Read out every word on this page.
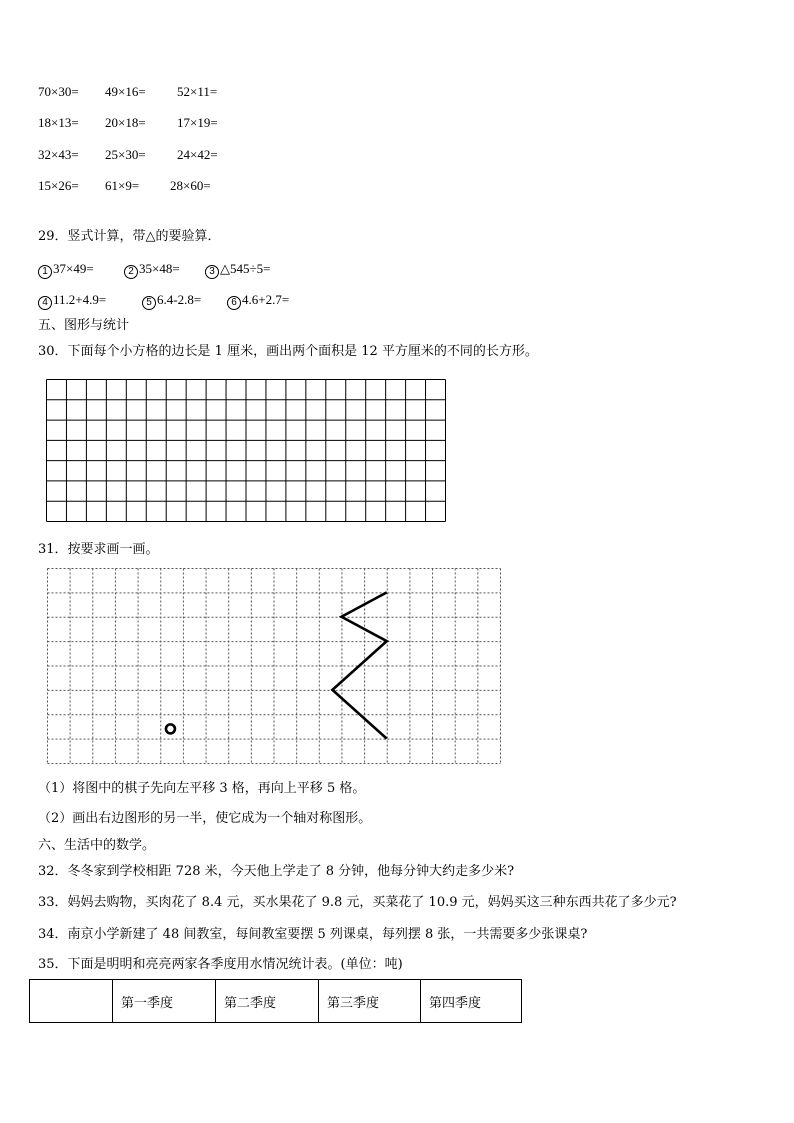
70×30= 49×16= 52×11=
18×13= 20×18= 17×19=
32×43= 25×30= 24×42=
15×26= 61×9= 28×60=
29．竖式计算，带△的要验算．
1 37×49=	2 35×48=	3 △545÷5=
4 11.2+4.9=	5 6.4-2.8=	6 4.6+2.7=
五、图形与统计
30．下面每个小方格的边长是 1 厘米，画出两个面积是 12 平方厘米的不同的长方形。
31．按要求画一画。
（1）将图中的棋子先向左平移 3 格，再向上平移 5 格。
（2）画出右边图形的另一半，使它成为一个轴对称图形。
六、生活中的数学。
32．冬冬家到学校相距 728 米，今天他上学走了 8 分钟，他每分钟大约走多少米?
33．妈妈去购物，买肉花了 8.4 元，买水果花了 9.8 元，买菜花了 10.9 元，妈妈买这三种东西共花了多少元?
34．南京小学新建了 48 间教室，每间教室要摆 5 列课桌，每列摆 8 张，一共需要多少张课桌?
35．下面是明明和亮亮两家各季度用水情况统计表。(单位：吨)
	第一季度	第二季度	第三季度	第四季度
